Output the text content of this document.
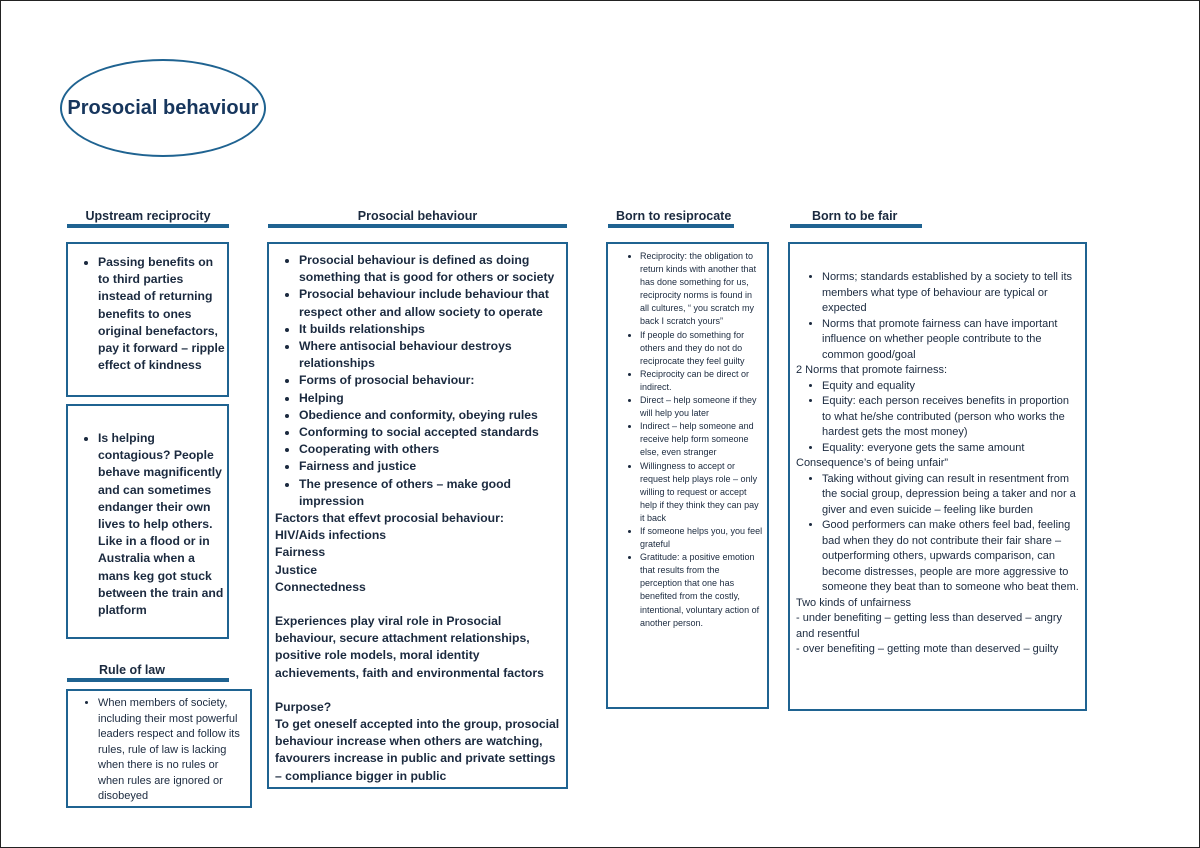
Prosocial behaviour
Upstream reciprocity
• Passing benefits on to third parties instead of returning benefits to ones original benefactors, pay it forward – ripple effect of kindness
• Is helping contagious? People behave magnificently and can sometimes endanger their own lives to help others. Like in a flood or in Australia when a mans keg got stuck between the train and platform
Rule of law
• When members of society, including their most powerful leaders respect and follow its rules, rule of law is lacking when there is no rules or when rules are ignored or disobeyed
Prosocial behaviour
• Prosocial behaviour is defined as doing something that is good for others or society
• Prosocial behaviour include behaviour that respect other and allow society to operate
• It builds relationships
• Where antisocial behaviour destroys relationships
• Forms of prosocial behaviour:
• Helping
• Obedience and conformity, obeying rules
• Conforming to social accepted standards
• Cooperating with others
• Fairness and justice
• The presence of others – make good impression

Factors that effevt procosial behaviour:

HIV/Aids infections

Fairness

Justice

Connectedness

Experiences play viral role in Prosocial behaviour, secure attachment relationships, positive role models, moral identity achievements, faith and environmental factors

Purpose?

To get oneself accepted into the group, prosocial behaviour increase when others are watching, favourers increase in public and private settings – compliance bigger in public

Born to resiprocate
• Reciprocity: the obligation to return kinds with another that has done something for us, reciprocity norms is found in all cultures, “ you scratch my back I scratch yours”
• If people do something for others and they do not do reciprocate they feel guilty
• Reciprocity can be direct or indirect.
• Direct – help someone if they will help you later
• Indirect – help someone and receive help form someone else, even stranger
• Willingness to accept or request help plays role – only willing to request or accept help if they think they can pay it back
• If someone helps you, you feel grateful
• Gratitude: a positive emotion that results from the perception that one has benefited from the costly, intentional, voluntary action of another person.
Born to be fair
• Norms; standards established by a society to tell its members what type of behaviour are typical or expected
• Norms that promote fairness can have important influence on whether people contribute to the common good/goal

2 Norms that promote fairness:

• Equity and equality
• Equity: each person receives benefits in proportion to what he/she contributed (person who works the hardest gets the most money)
• Equality: everyone gets the same amount

Consequence’s of being unfair”

• Taking without giving can result in resentment from the social group, depression being a taker and nor a giver and even suicide – feeling like burden
• Good performers can make others feel bad, feeling bad when they do not contribute their fair share – outperforming others, upwards comparison, can become distresses, people are more aggressive to someone they beat than to someone who beat them.

Two kinds of unfairness

- under benefiting – getting less than deserved – angry and resentful

- over benefiting – getting mote than deserved – guilty
